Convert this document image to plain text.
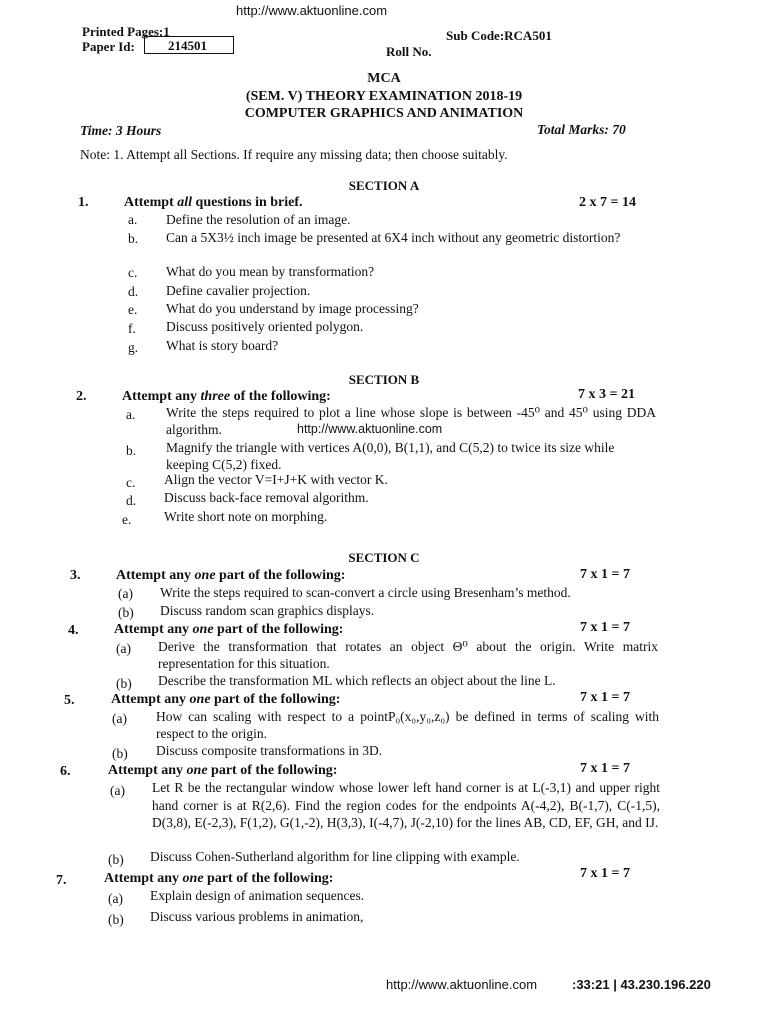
http://www.aktuonline.com
Printed Pages:1
Paper Id:	214501
Sub Code:RCA501
Roll No.
MCA
(SEM. V) THEORY EXAMINATION 2018-19
COMPUTER GRAPHICS AND ANIMATION
Time: 3 Hours	Total Marks: 70
Note: 1. Attempt all Sections. If require any missing data; then choose suitably.
SECTION A
1.	Attempt all questions in brief.	2 x 7 = 14
a. Define the resolution of an image.
b. Can a 5X3½ inch image be presented at 6X4 inch without any geometric distortion?
c. What do you mean by transformation?
d. Define cavalier projection.
e. What do you understand by image processing?
f. Discuss positively oriented polygon.
g. What is story board?
SECTION B
2.	Attempt any three of the following:	7 x 3 = 21
a. Write the steps required to plot a line whose slope is between -45⁰ and 45⁰ using DDA algorithm.	http://www.aktuonline.com
b. Magnify the triangle with vertices A(0,0), B(1,1), and C(5,2) to twice its size while keeping C(5,2) fixed.
c. Align the vector V=I+J+K with vector K.
d. Discuss back-face removal algorithm.
e. Write short note on morphing.
SECTION C
3.	Attempt any one part of the following:	7 x 1 = 7
(a) Write the steps required to scan-convert a circle using Bresenham’s method.
(b) Discuss random scan graphics displays.
4.	Attempt any one part of the following:	7 x 1 = 7
(a) Derive the transformation that rotates an object Θ⁰ about the origin. Write matrix representation for this situation.
(b) Describe the transformation ML which reflects an object about the line L.
5.	Attempt any one part of the following:	7 x 1 = 7
(a) How can scaling with respect to a pointP₀(x₀,y₀,z₀) be defined in terms of scaling with respect to the origin.
(b) Discuss composite transformations in 3D.
6.	Attempt any one part of the following:	7 x 1 = 7
(a) Let R be the rectangular window whose lower left hand corner is at L(-3,1) and upper right hand corner is at R(2,6). Find the region codes for the endpoints A(-4,2), B(-1,7), C(-1,5), D(3,8), E(-2,3), F(1,2), G(1,-2), H(3,3), I(-4,7), J(-2,10) for the lines AB, CD, EF, GH, and IJ.
(b) Discuss Cohen-Sutherland algorithm for line clipping with example.
7.	Attempt any one part of the following:	7 x 1 = 7
(a) Explain design of animation sequences.
(b) Discuss various problems in animation,
http://www.aktuonline.com	:33:21 | 43.230.196.220
